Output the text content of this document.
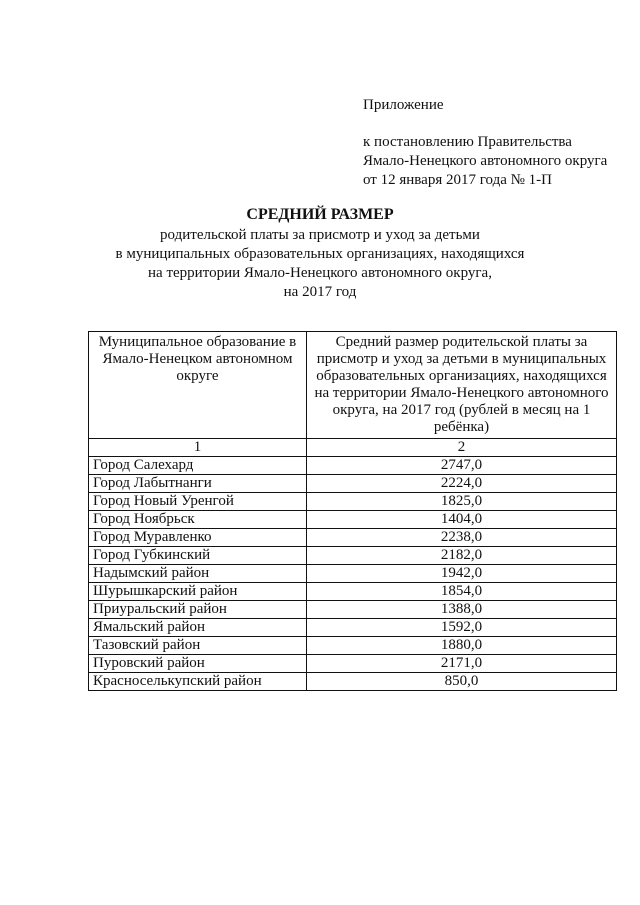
Приложение
к постановлению Правительства
Ямало-Ненецкого автономного округа
от 12 января 2017 года № 1-П
СРЕДНИЙ РАЗМЕР
родительской платы за присмотр и уход за детьми
в муниципальных образовательных организациях, находящихся
на территории Ямало-Ненецкого автономного округа,
на 2017 год
Муниципальное образование в Ямало-Ненецком автономном округе	Средний размер родительской платы за присмотр и уход за детьми в муниципальных образовательных организациях, находящихся на территории Ямало-Ненецкого автономного округа, на 2017 год (рублей в месяц на 1 ребёнка)
1	2
Город Салехард	2747,0
Город Лабытнанги	2224,0
Город Новый Уренгой	1825,0
Город Ноябрьск	1404,0
Город Муравленко	2238,0
Город Губкинский	2182,0
Надымский район	1942,0
Шурышкарский район	1854,0
Приуральский район	1388,0
Ямальский район	1592,0
Тазовский район	1880,0
Пуровский район	2171,0
Красноселькупский район	850,0
